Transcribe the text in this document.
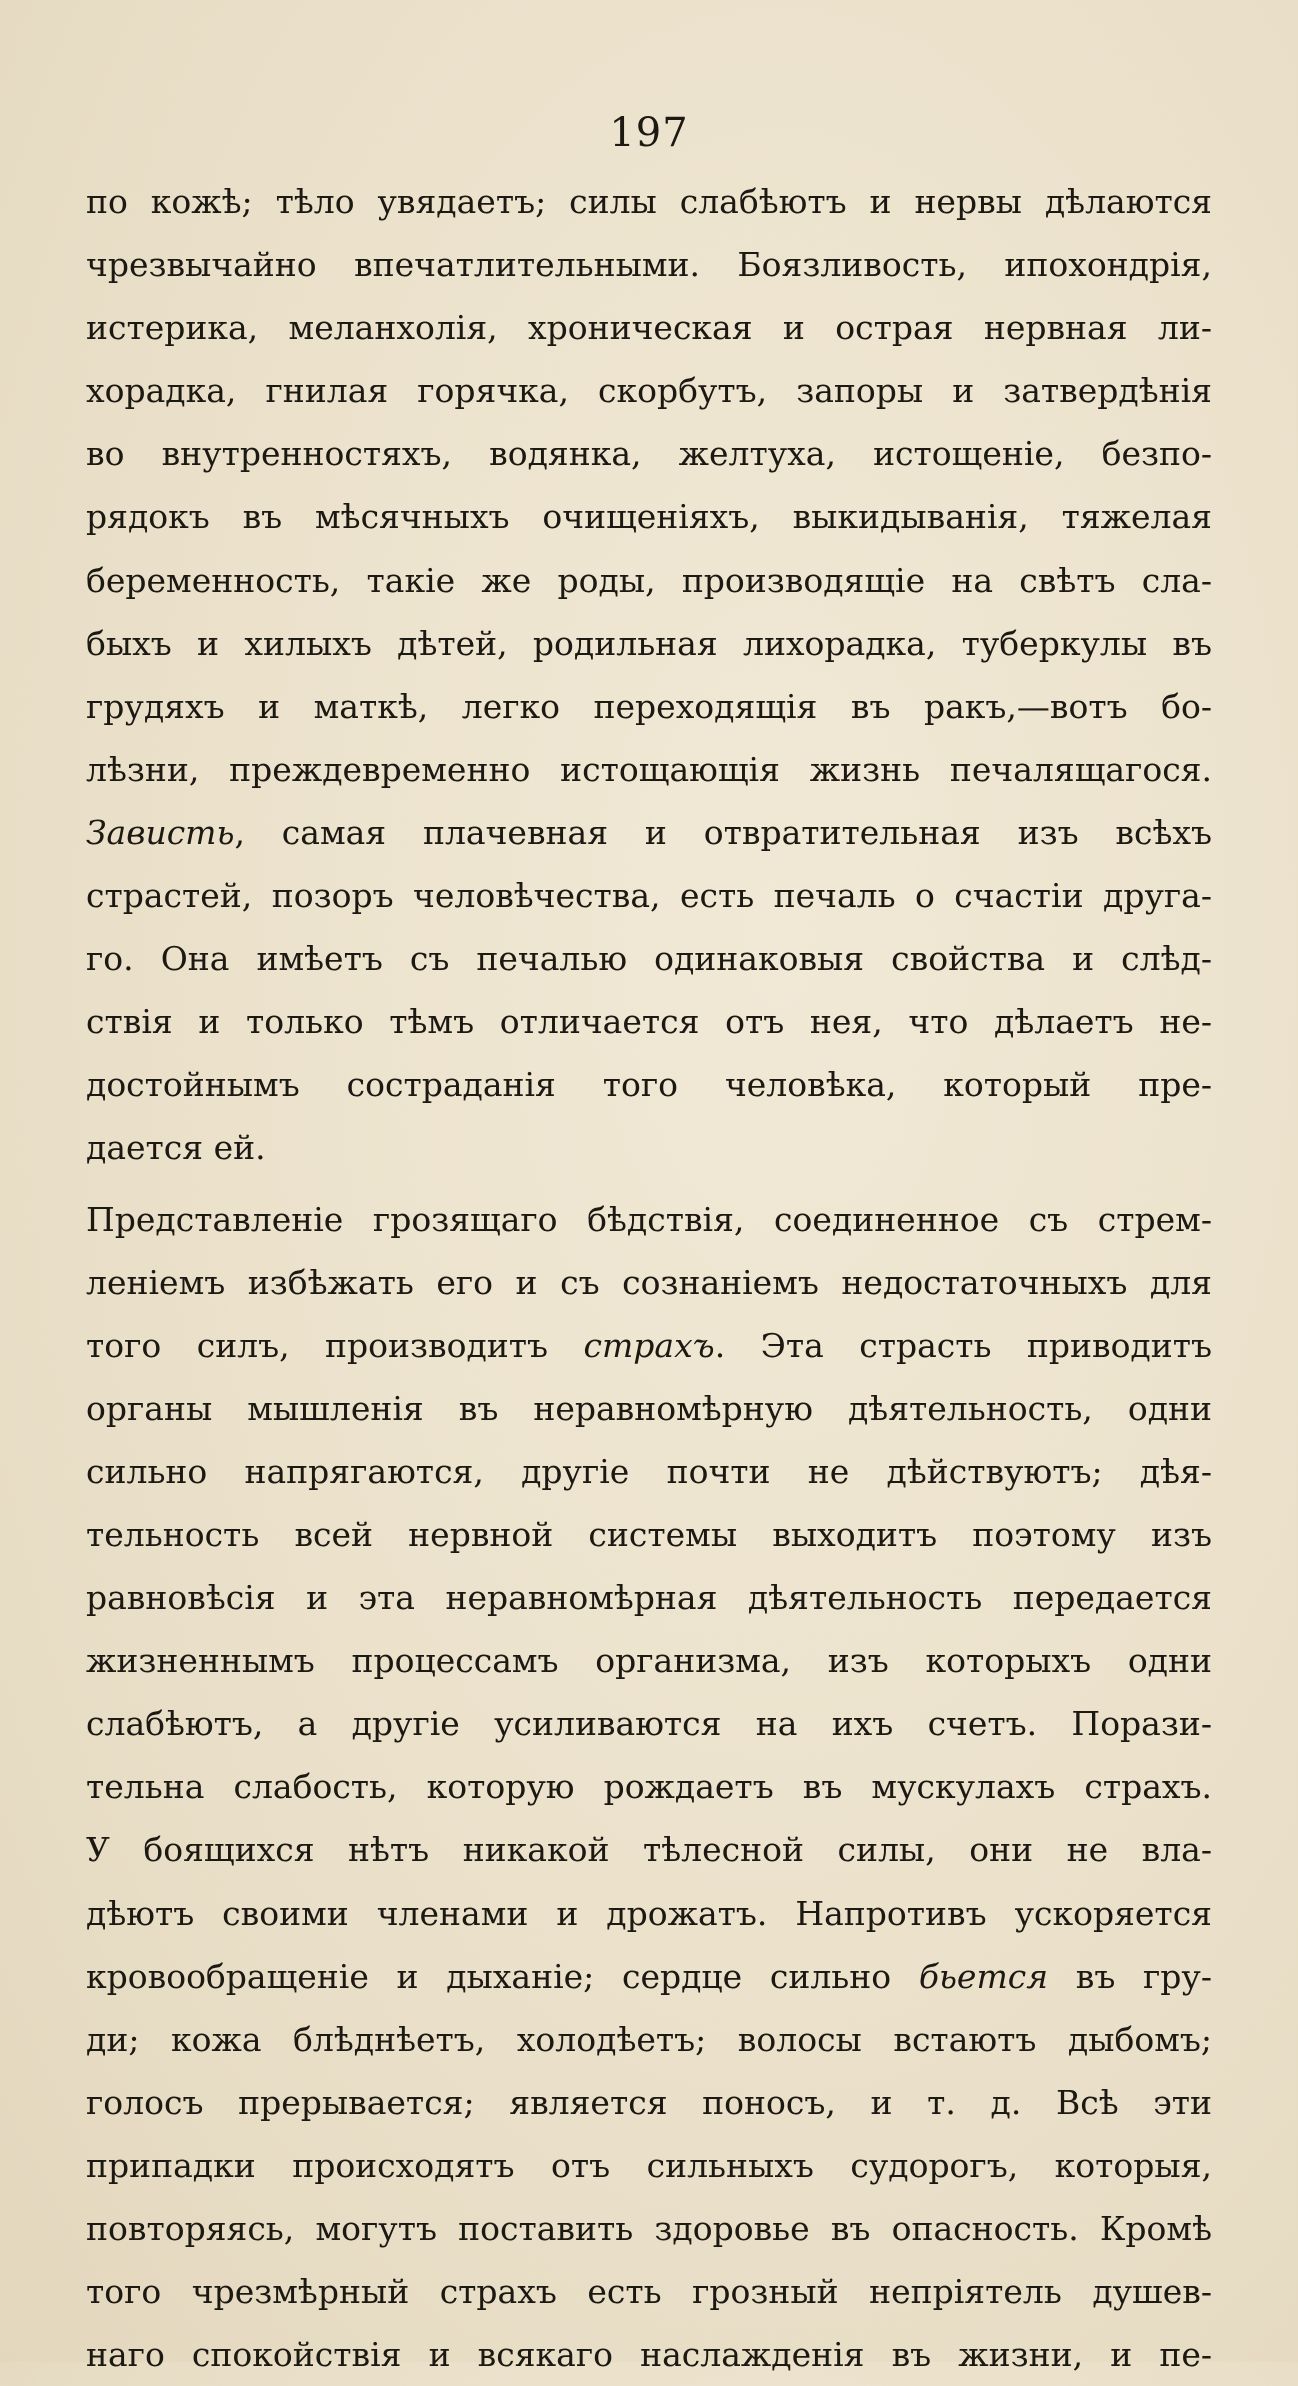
197
по кожѣ; тѣло увядаетъ; силы слабѣютъ и нервы дѣлаются
чрезвычайно впечатлительными. Боязливость, ипохондрія,
истерика, меланхолія, хроническая и острая нервная ли-
хорадка, гнилая горячка, скорбутъ, запоры и затвердѣнія
во внутренностяхъ, водянка, желтуха, истощеніе, безпо-
рядокъ въ мѣсячныхъ очищеніяхъ, выкидыванія, тяжелая
беременность, такіе же роды, производящіе на свѣтъ сла-
быхъ и хилыхъ дѣтей, родильная лихорадка, туберкулы въ
грудяхъ и маткѣ, легко переходящія въ ракъ,—вотъ бо-
лѣзни, преждевременно истощающія жизнь печалящагося.
Зависть, самая плачевная и отвратительная изъ всѣхъ
страстей, позоръ человѣчества, есть печаль о счастіи друга-
го. Она имѣетъ съ печалью одинаковыя свойства и слѣд-
ствія и только тѣмъ отличается отъ нея, что дѣлаетъ не-
достойнымъ состраданія того человѣка, который пре-
дается ей.
Представленіе грозящаго бѣдствія, соединенное съ стрем-
леніемъ избѣжать его и съ сознаніемъ недостаточныхъ для
того силъ, производитъ страхъ. Эта страсть приводитъ
органы мышленія въ неравномѣрную дѣятельность, одни
сильно напрягаются, другіе почти не дѣйствуютъ; дѣя-
тельность всей нервной системы выходитъ поэтому изъ
равновѣсія и эта неравномѣрная дѣятельность передается
жизненнымъ процессамъ организма, изъ которыхъ одни
слабѣютъ, а другіе усиливаются на ихъ счетъ. Порази-
тельна слабость, которую рождаетъ въ мускулахъ страхъ.
У боящихся нѣтъ никакой тѣлесной силы, они не вла-
дѣютъ своими членами и дрожатъ. Напротивъ ускоряется
кровообращеніе и дыханіе; сердце сильно бьется въ гру-
ди; кожа блѣднѣетъ, холодѣетъ; волосы встаютъ дыбомъ;
голосъ прерывается; является поносъ, и т. д. Всѣ эти
припадки происходятъ отъ сильныхъ судорогъ, которыя,
повторяясь, могутъ поставить здоровье въ опасность. Кромѣ
того чрезмѣрный страхъ есть грозный непріятель душев-
наго спокойствія и всякаго наслажденія въ жизни, и пе-
